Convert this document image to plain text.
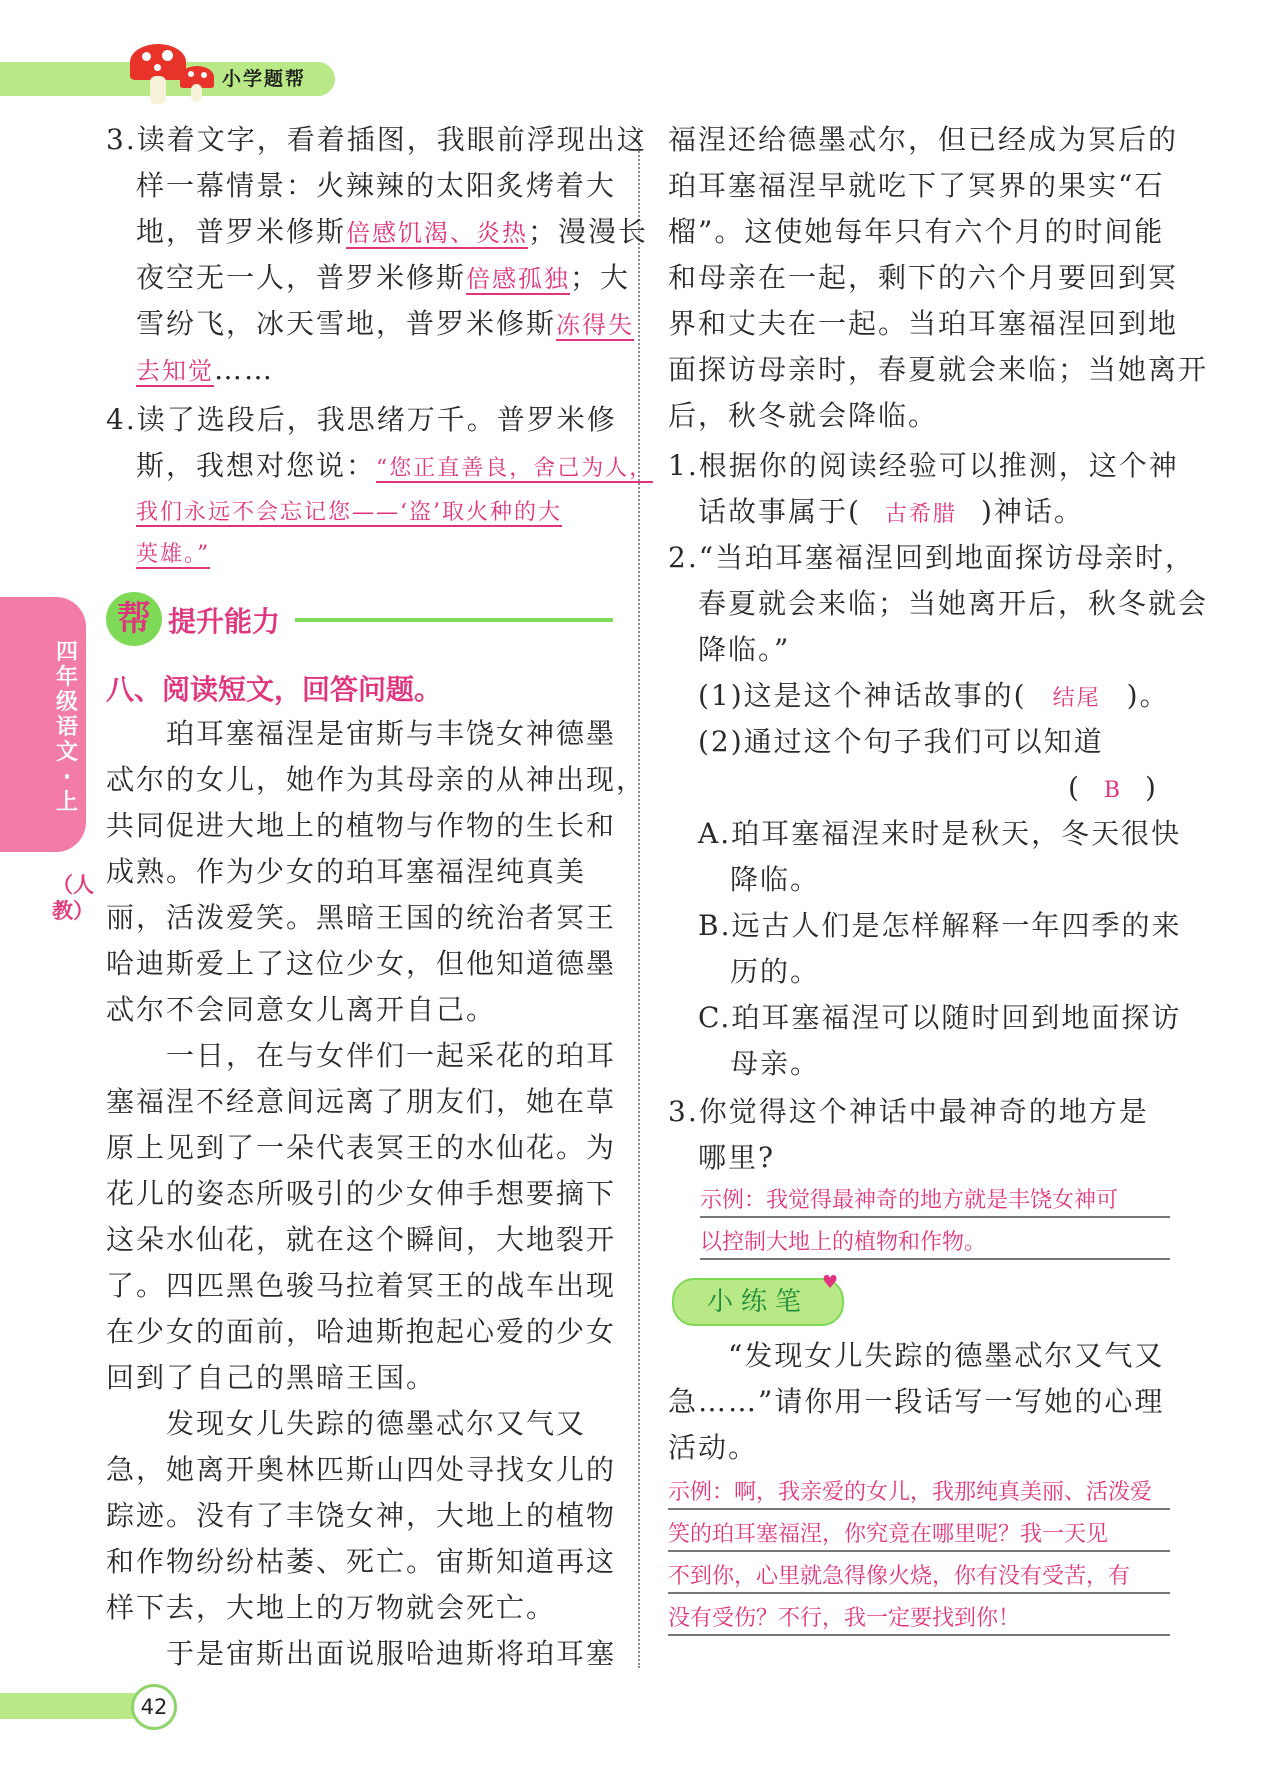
小学题帮
四年级语文·上
（人教）
3.读着文字，看着插图，我眼前浮现出这
样一幕情景：火辣辣的太阳炙烤着大
地，普罗米修斯倍感饥渴、炎热；漫漫长
夜空无一人，普罗米修斯倍感孤独；大
雪纷飞，冰天雪地，普罗米修斯冻得失
去知觉……
4.读了选段后，我思绪万千。普罗米修
斯，我想对您说：“您正直善良，舍己为人，
我们永远不会忘记您——‘盗’取火种的大
英雄。”
帮 提升能力
八、阅读短文，回答问题。
　　珀耳塞福涅是宙斯与丰饶女神德墨
忒尔的女儿，她作为其母亲的从神出现，
共同促进大地上的植物与作物的生长和
成熟。作为少女的珀耳塞福涅纯真美
丽，活泼爱笑。黑暗王国的统治者冥王
哈迪斯爱上了这位少女，但他知道德墨
忒尔不会同意女儿离开自己。
　　一日，在与女伴们一起采花的珀耳
塞福涅不经意间远离了朋友们，她在草
原上见到了一朵代表冥王的水仙花。为
花儿的姿态所吸引的少女伸手想要摘下
这朵水仙花，就在这个瞬间，大地裂开
了。四匹黑色骏马拉着冥王的战车出现
在少女的面前，哈迪斯抱起心爱的少女
回到了自己的黑暗王国。
　　发现女儿失踪的德墨忒尔又气又
急，她离开奥林匹斯山四处寻找女儿的
踪迹。没有了丰饶女神，大地上的植物
和作物纷纷枯萎、死亡。宙斯知道再这
样下去，大地上的万物就会死亡。
　　于是宙斯出面说服哈迪斯将珀耳塞
福涅还给德墨忒尔，但已经成为冥后的
珀耳塞福涅早就吃下了冥界的果实“石
榴”。这使她每年只有六个月的时间能
和母亲在一起，剩下的六个月要回到冥
界和丈夫在一起。当珀耳塞福涅回到地
面探访母亲时，春夏就会来临；当她离开
后，秋冬就会降临。
1.根据你的阅读经验可以推测，这个神
话故事属于( 古希腊 )神话。
2.“当珀耳塞福涅回到地面探访母亲时，
春夏就会来临；当她离开后，秋冬就会
降临。”
(1)这是这个神话故事的( 结尾 )。
(2)通过这个句子我们可以知道
( B )
A.珀耳塞福涅来时是秋天，冬天很快
降临。
B.远古人们是怎样解释一年四季的来
历的。
C.珀耳塞福涅可以随时回到地面探访
母亲。
3.你觉得这个神话中最神奇的地方是
哪里?
示例：我觉得最神奇的地方就是丰饶女神可
以控制大地上的植物和作物。
小练笔
♥
　　“发现女儿失踪的德墨忒尔又气又
急……”请你用一段话写一写她的心理
活动。
示例：啊，我亲爱的女儿，我那纯真美丽、活泼爱
笑的珀耳塞福涅，你究竟在哪里呢？我一天见
不到你，心里就急得像火烧，你有没有受苦，有
没有受伤？不行，我一定要找到你！
42
